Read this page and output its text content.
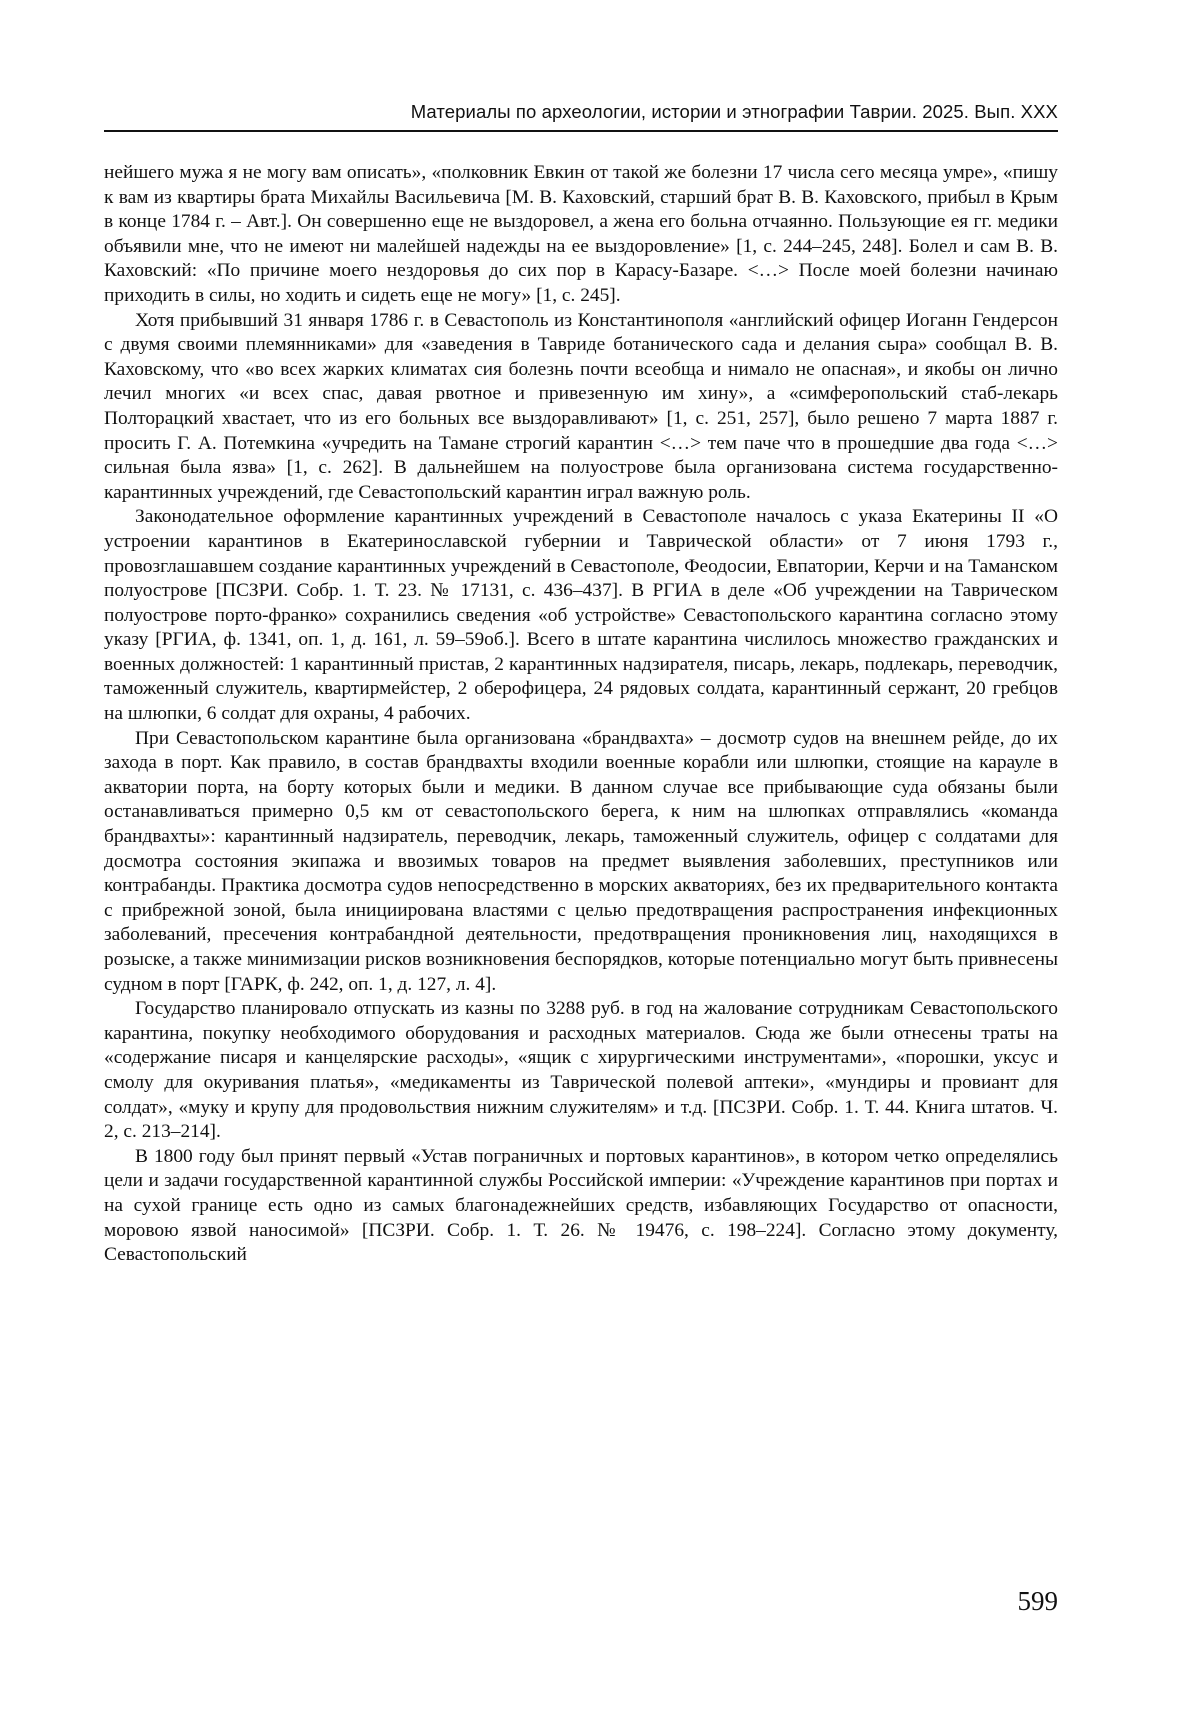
Материалы по археологии, истории и этнографии Таврии. 2025. Вып. XXX

нейшего мужа я не могу вам описать», «полковник Евкин от такой же болезни 17 числа сего месяца умре», «пишу к вам из квартиры брата Михайлы Васильевича [М. В. Каховский, старший брат В. В. Каховского, прибыл в Крым в конце 1784 г. – Авт.]. Он совершенно еще не выздоровел, а жена его больна отчаянно. Пользующие ея гг. медики объявили мне, что не имеют ни малейшей надежды на ее выздоровление» [1, с. 244–245, 248]. Болел и сам В. В. Каховский: «По причине моего нездоровья до сих пор в Карасу-Базаре. <…> После моей болезни начинаю приходить в силы, но ходить и сидеть еще не могу» [1, с. 245].

Хотя прибывший 31 января 1786 г. в Севастополь из Константинополя «английский офицер Иоганн Гендерсон с двумя своими племянниками» для «заведения в Тавриде ботанического сада и делания сыра» сообщал В. В. Каховскому, что «во всех жарких климатах сия болезнь почти всеобща и нимало не опасная», и якобы он лично лечил многих «и всех спас, давая рвотное и привезенную им хину», а «симферопольский стаб-лекарь Полторацкий хвастает, что из его больных все выздоравливают» [1, с. 251, 257], было решено 7 марта 1887 г. просить Г. А. Потемкина «учредить на Тамане строгий карантин <…> тем паче что в прошедшие два года <…> сильная была язва» [1, с. 262]. В дальнейшем на полуострове была организована система государственно-карантинных учреждений, где Севастопольский карантин играл важную роль.

Законодательное оформление карантинных учреждений в Севастополе началось с указа Екатерины II «О устроении карантинов в Екатеринославской губернии и Таврической области» от 7 июня 1793 г., провозглашавшем создание карантинных учреждений в Севастополе, Феодосии, Евпатории, Керчи и на Таманском полуострове [ПСЗРИ. Собр. 1. Т. 23. № 17131, с. 436–437]. В РГИА в деле «Об учреждении на Таврическом полуострове порто-франко» сохранились сведения «об устройстве» Севастопольского карантина согласно этому указу [РГИА, ф. 1341, оп. 1, д. 161, л. 59–59об.]. Всего в штате карантина числилось множество гражданских и военных должностей: 1 карантинный пристав, 2 карантинных надзирателя, писарь, лекарь, подлекарь, переводчик, таможенный служитель, квартирмейстер, 2 оберофицера, 24 рядовых солдата, карантинный сержант, 20 гребцов на шлюпки, 6 солдат для охраны, 4 рабочих.

При Севастопольском карантине была организована «брандвахта» – досмотр судов на внешнем рейде, до их захода в порт. Как правило, в состав брандвахты входили военные корабли или шлюпки, стоящие на карауле в акватории порта, на борту которых были и медики. В данном случае все прибывающие суда обязаны были останавливаться примерно 0,5 км от севастопольского берега, к ним на шлюпках отправлялись «команда брандвахты»: карантинный надзиратель, переводчик, лекарь, таможенный служитель, офицер с солдатами для досмотра состояния экипажа и ввозимых товаров на предмет выявления заболевших, преступников или контрабанды. Практика досмотра судов непосредственно в морских акваториях, без их предварительного контакта с прибрежной зоной, была инициирована властями с целью предотвращения распространения инфекционных заболеваний, пресечения контрабандной деятельности, предотвращения проникновения лиц, находящихся в розыске, а также минимизации рисков возникновения беспорядков, которые потенциально могут быть привнесены судном в порт [ГАРК, ф. 242, оп. 1, д. 127, л. 4].

Государство планировало отпускать из казны по 3288 руб. в год на жалование сотрудникам Севастопольского карантина, покупку необходимого оборудования и расходных материалов. Сюда же были отнесены траты на «содержание писаря и канцелярские расходы», «ящик с хирургическими инструментами», «порошки, уксус и смолу для окуривания платья», «медикаменты из Таврической полевой аптеки», «мундиры и провиант для солдат», «муку и крупу для продовольствия нижним служителям» и т.д. [ПСЗРИ. Собр. 1. Т. 44. Книга штатов. Ч. 2, с. 213–214].

В 1800 году был принят первый «Устав пограничных и портовых карантинов», в котором четко определялись цели и задачи государственной карантинной службы Российской империи: «Учреждение карантинов при портах и на сухой границе есть одно из самых благонадежнейших средств, избавляющих Государство от опасности, моровою язвой наносимой» [ПСЗРИ. Собр. 1. Т. 26. № 19476, с. 198–224]. Согласно этому документу, Севастопольский

599
